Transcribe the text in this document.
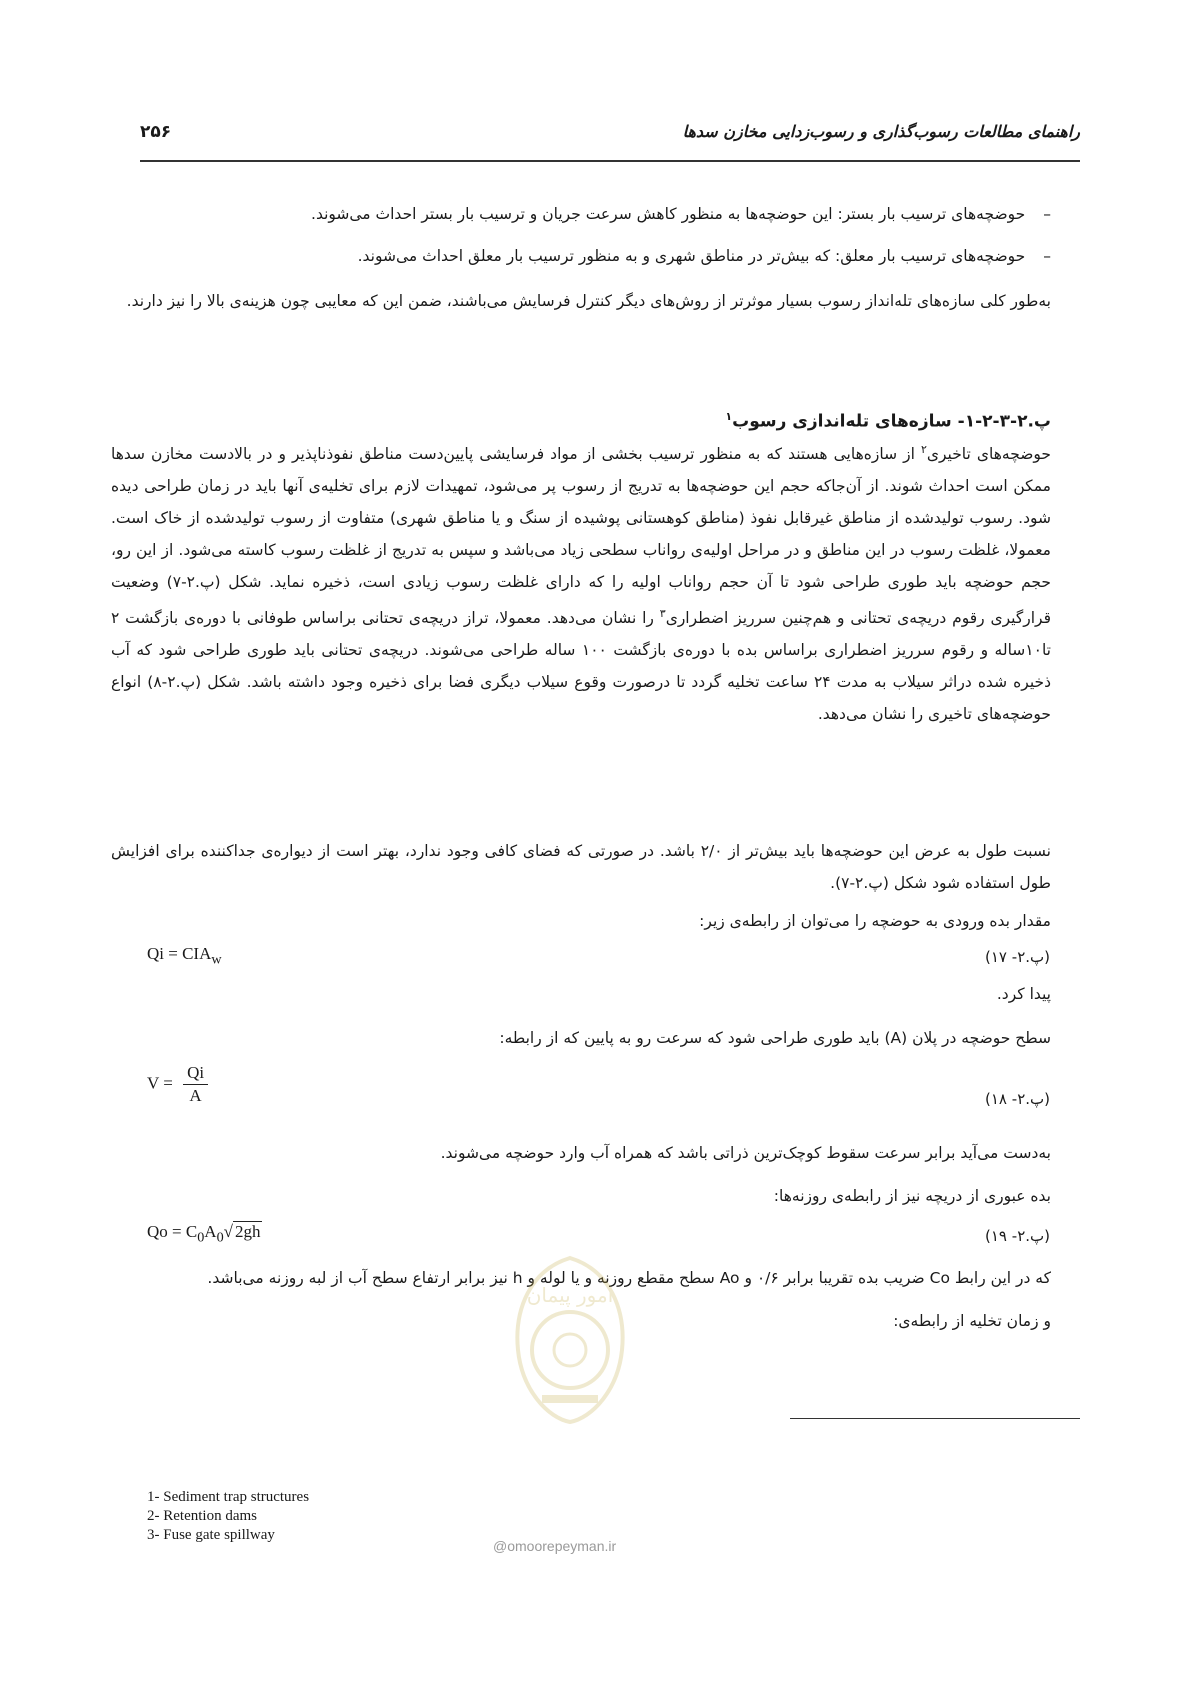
راهنمای مطالعات رسوب‌گذاری و رسوب‌زدایی مخازن سدها
۲۵۶
–حوضچه‌های ترسیب بار بستر: این حوضچه‌ها به منظور کاهش سرعت جریان و ترسیب بار بستر احداث می‌شوند.
–حوضچه‌های ترسیب بار معلق: که بیش‌تر در مناطق شهری و به منظور ترسیب بار معلق احداث می‌شوند.
به‌طور کلی سازه‌های تله‌انداز رسوب بسیار موثرتر از روش‌های دیگر کنترل فرسایش می‌باشند، ضمن این که معایبی چون هزینه‌ی بالا را نیز دارند.
پ.۲-۳-۲-۱- سازه‌های تله‌اندازی رسوب$^۱$
حوضچه‌های تاخیری$^۲$ از سازه‌هایی هستند که به منظور ترسیب بخشی از مواد فرسایشی پایین‌دست مناطق نفوذناپذیر و در بالادست مخازن سدها ممکن است احداث شوند. از آن‌جاکه حجم این حوضچه‌ها به تدریج از رسوب پر می‌شود، تمهیدات لازم برای تخلیه‌ی آنها باید در زمان طراحی دیده شود. رسوب تولیدشده از مناطق غیرقابل نفوذ (مناطق کوهستانی پوشیده از سنگ و یا مناطق شهری) متفاوت از رسوب تولیدشده از خاک است. معمولا، غلظت رسوب در این مناطق و در مراحل اولیه‌ی رواناب سطحی زیاد می‌باشد و سپس به تدریج از غلظت رسوب کاسته می‌شود. از این رو، حجم حوضچه باید طوری طراحی شود تا آن حجم رواناب اولیه را که دارای غلظت رسوب زیادی است، ذخیره نماید. شکل (پ.۲-۷) وضعیت قرارگیری رقوم دریچه‌ی تحتانی و هم‌چنین سرریز اضطراری$^۳$ را نشان می‌دهد. معمولا، تراز دریچه‌ی تحتانی براساس طوفانی با دوره‌ی بازگشت ۲ تا۱۰ساله و رقوم سرریز اضطراری براساس بده با دوره‌ی بازگشت ۱۰۰ ساله طراحی می‌شوند. دریچه‌ی تحتانی باید طوری طراحی شود که آب ذخیره شده دراثر سیلاب به مدت ۲۴ ساعت تخلیه گردد تا درصورت وقوع سیلاب دیگری فضا برای ذخیره وجود داشته باشد. شکل (پ.۲-۸) انواع حوضچه‌های تاخیری را نشان می‌دهد.
نسبت طول به عرض این حوضچه‌ها باید بیش‌تر از ۲/۰ باشد. در صورتی که فضای کافی وجود ندارد، بهتر است از دیواره‌ی جداکننده برای افزایش طول استفاده شود شکل (پ.۲-۷).
مقدار بده ورودی به حوضچه را می‌توان از رابطه‌ی زیر:
$Qi = CIA_w$	(پ.۲- ۱۷)
پیدا کرد.
سطح حوضچه در پلان (A) باید طوری طراحی شود که سرعت رو به پایین که از رابطه:
$V = \frac{Qi}{A}$	(پ.۲- ۱۸)
به‌دست می‌آید برابر سرعت سقوط کوچک‌ترین ذراتی باشد که همراه آب وارد حوضچه می‌شوند.
بده عبوری از دریچه نیز از رابطه‌ی روزنه‌ها:
$Qo = C_0A_0√$ 2gh	(پ.۲- ۱۹)
که در این رابط Co ضریب بده تقریبا برابر ۰/۶ و Ao سطح مقطع روزنه و یا لوله و h نیز برابر ارتفاع سطح آب از لبه روزنه می‌باشد.
و زمان تخلیه از رابطه‌ی:
1- Sediment trap structures
2- Retention dams
3- Fuse gate spillway
امور پیمان
@omoorepeyman.ir
